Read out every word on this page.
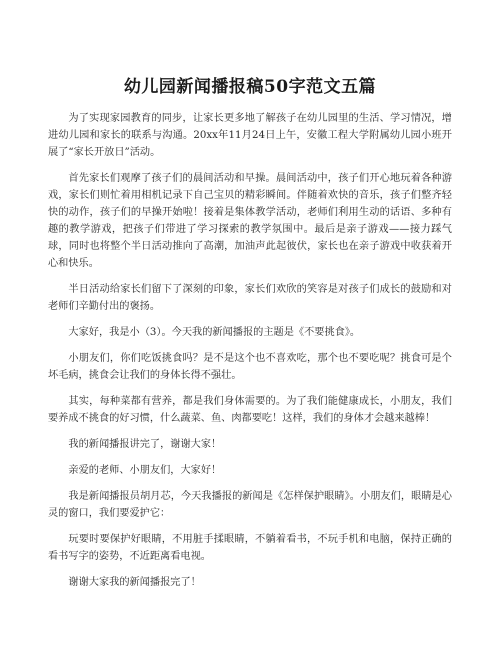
幼儿园新闻播报稿50字范文五篇

为了实现家园教育的同步，让家长更多地了解孩子在幼儿园里的生活、学习情况，增进幼儿园和家长的联系与沟通。20xx年11月24日上午，安徽工程大学附属幼儿园小班开展了“家长开放日”活动。

首先家长们观摩了孩子们的晨间活动和早操。晨间活动中，孩子们开心地玩着各种游戏，家长们则忙着用相机记录下自己宝贝的精彩瞬间。伴随着欢快的音乐，孩子们整齐轻快的动作，孩子们的早操开始啦！接着是集体教学活动，老师们利用生动的话语、多种有趣的教学游戏，把孩子们带进了学习探索的教学氛围中。最后是亲子游戏——接力踩气球，同时也将整个半日活动推向了高潮，加油声此起彼伏，家长也在亲子游戏中收获着开心和快乐。

半日活动给家长们留下了深刻的印象，家长们欢欣的笑容是对孩子们成长的鼓励和对老师们辛勤付出的褒扬。

大家好，我是小（3）。今天我的新闻播报的主题是《不要挑食》。

小朋友们，你们吃饭挑食吗？是不是这个也不喜欢吃，那个也不要吃呢？挑食可是个坏毛病，挑食会让我们的身体长得不强壮。

其实，每种菜都有营养，都是我们身体需要的。为了我们能健康成长，小朋友，我们要养成不挑食的好习惯，什么蔬菜、鱼、肉都要吃！这样，我们的身体才会越来越棒！

我的新闻播报讲完了，谢谢大家！

亲爱的老师、小朋友们，大家好！

我是新闻播报员胡月芯，今天我播报的新闻是《怎样保护眼睛》。小朋友们，眼睛是心灵的窗口，我们要爱护它：

玩要时要保护好眼睛，不用脏手揉眼睛，不躺着看书，不玩手机和电脑，保持正确的看书写字的姿势，不近距离看电视。

谢谢大家我的新闻播报完了！
